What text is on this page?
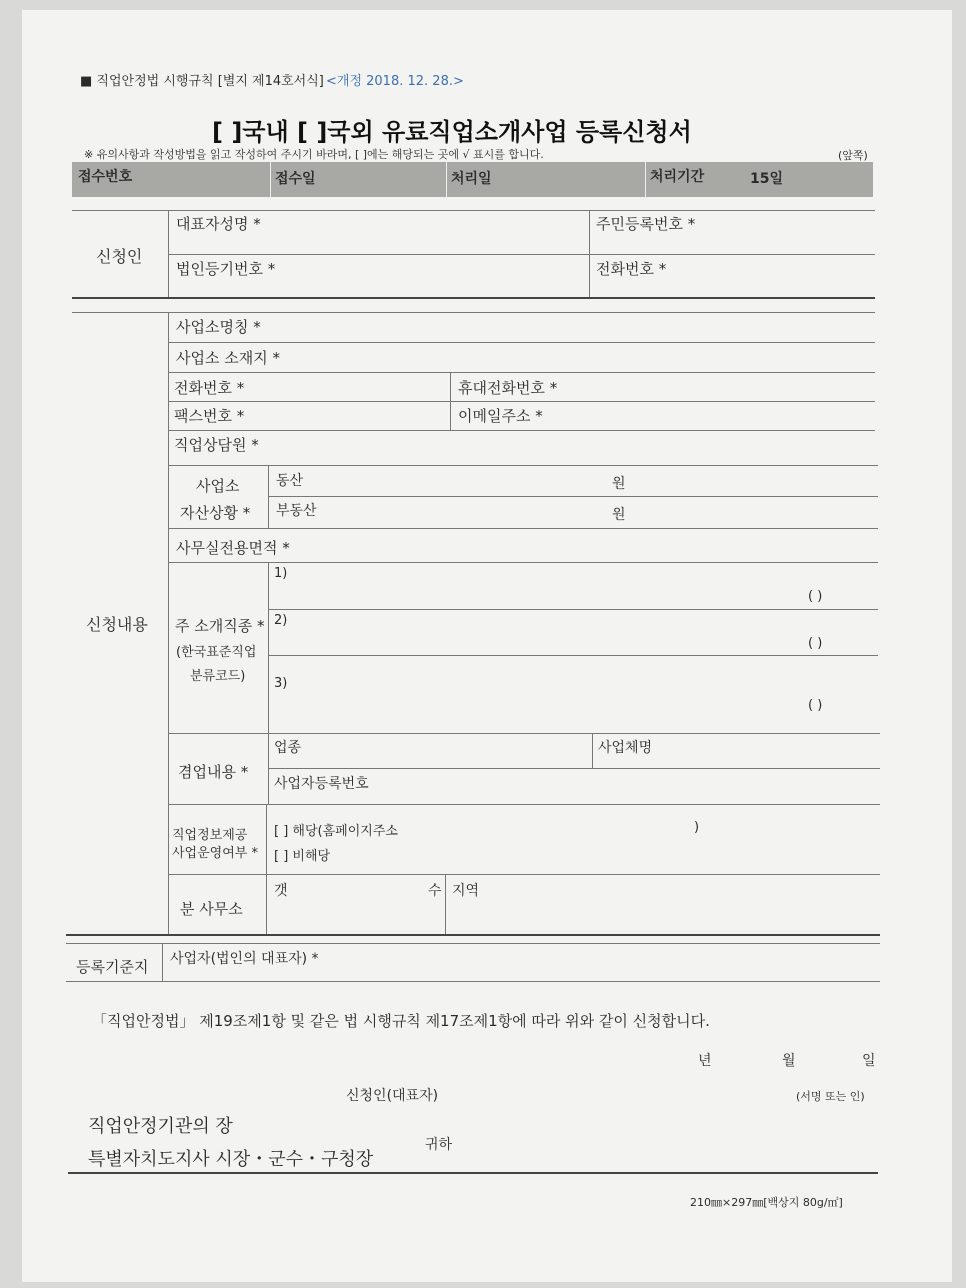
■ 직업안정법 시행규칙 [별지 제14호서식] <개정 2018. 12. 28.>
[ ]국내 [ ]국외 유료직업소개사업 등록신청서
※ 유의사항과 작성방법을 읽고 작성하여 주시기 바라며, [ ]에는 해당되는 곳에 √ 표시를 합니다.	(앞쪽)
접수번호	접수일	처리일	처리기간	15일
신청인
대표자성명 *	주민등록번호 *
법인등기번호 *	전화번호 *
신청내용
사업소명칭 *
사업소 소재지 *
전화번호 *	휴대전화번호 *
팩스번호 *	이메일주소 *
직업상담원 *
사업소
자산상황 *
동산	원
부동산	원
사무실전용면적 *
주 소개직종 *
(한국표준직업
분류코드)
1)
( )
2)
( )
3)
( )
겸업내용 *
업종	사업체명
사업자등록번호
직업정보제공
사업운영여부 *
[ ] 해당(홈페이지주소	)
[ ] 비해당
분 사무소
갯	수 지역
등록기준지 사업자(법인의 대표자) *
「직업안정법」 제19조제1항 및 같은 법 시행규칙 제17조제1항에 따라 위와 같이 신청합니다.
년	월	일
신청인(대표자)	(서명 또는 인)
직업안정기관의 장
특별자치도지사 시장・군수・구청장
귀하
210㎜×297㎜[백상지 80g/㎡]
